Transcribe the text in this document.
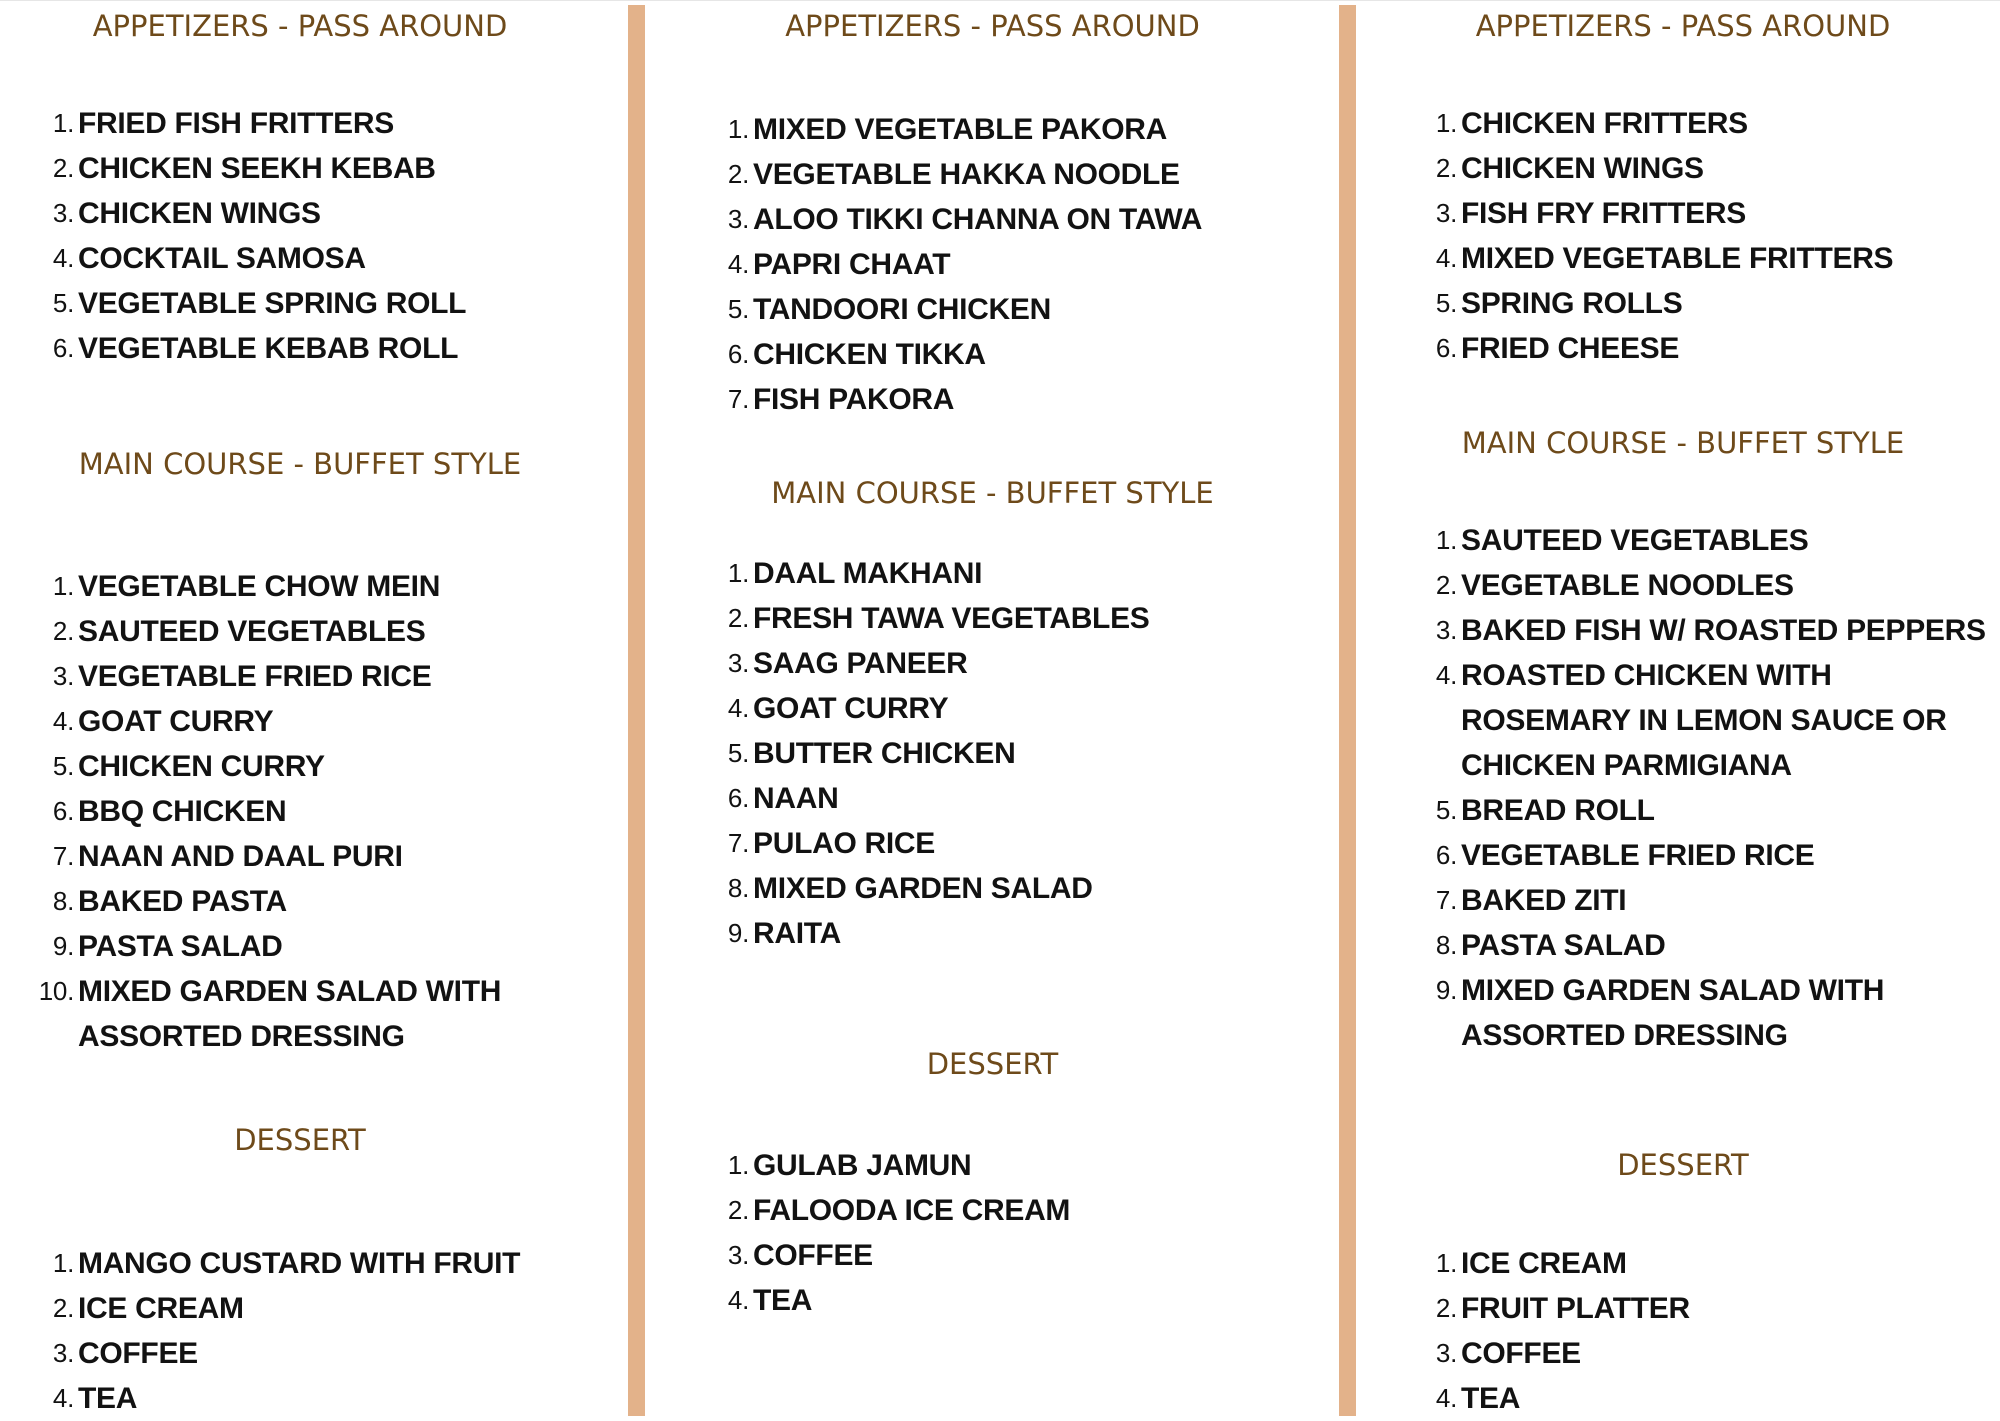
APPETIZERS - PASS AROUND
1. FRIED FISH FRITTERS
2. CHICKEN SEEKH KEBAB
3. CHICKEN WINGS
4. COCKTAIL SAMOSA
5. VEGETABLE SPRING ROLL
6. VEGETABLE KEBAB ROLL
MAIN COURSE - BUFFET STYLE
1. VEGETABLE CHOW MEIN
2. SAUTEED VEGETABLES
3. VEGETABLE FRIED RICE
4. GOAT CURRY
5. CHICKEN CURRY
6. BBQ CHICKEN
7. NAAN AND DAAL PURI
8. BAKED PASTA
9. PASTA SALAD
10. MIXED GARDEN SALAD WITH
ASSORTED DRESSING
DESSERT
1. MANGO CUSTARD WITH FRUIT
2. ICE CREAM
3. COFFEE
4. TEA
APPETIZERS - PASS AROUND
1. MIXED VEGETABLE PAKORA
2. VEGETABLE HAKKA NOODLE
3. ALOO TIKKI CHANNA ON TAWA
4. PAPRI CHAAT
5. TANDOORI CHICKEN
6. CHICKEN TIKKA
7. FISH PAKORA
MAIN COURSE - BUFFET STYLE
1. DAAL MAKHANI
2. FRESH TAWA VEGETABLES
3. SAAG PANEER
4. GOAT CURRY
5. BUTTER CHICKEN
6. NAAN
7. PULAO RICE
8. MIXED GARDEN SALAD
9. RAITA
DESSERT
1. GULAB JAMUN
2. FALOODA ICE CREAM
3. COFFEE
4. TEA
APPETIZERS - PASS AROUND
1. CHICKEN FRITTERS
2. CHICKEN WINGS
3. FISH FRY FRITTERS
4. MIXED VEGETABLE FRITTERS
5. SPRING ROLLS
6. FRIED CHEESE
MAIN COURSE - BUFFET STYLE
1. SAUTEED VEGETABLES
2. VEGETABLE NOODLES
3. BAKED FISH W/ ROASTED PEPPERS
4. ROASTED CHICKEN WITH
ROSEMARY IN LEMON SAUCE OR
CHICKEN PARMIGIANA
5. BREAD ROLL
6. VEGETABLE FRIED RICE
7. BAKED ZITI
8. PASTA SALAD
9. MIXED GARDEN SALAD WITH
ASSORTED DRESSING
DESSERT
1. ICE CREAM
2. FRUIT PLATTER
3. COFFEE
4. TEA
